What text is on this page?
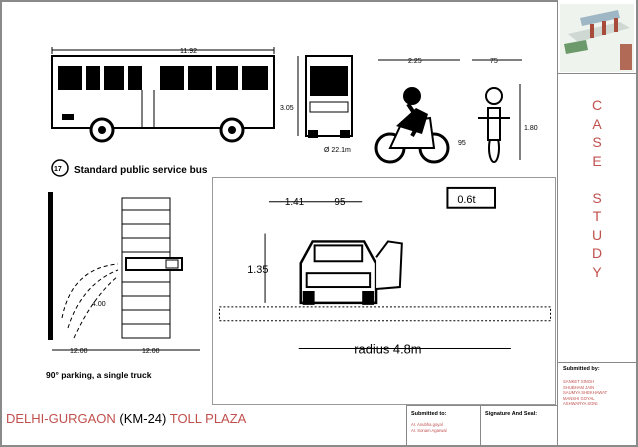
11.92
3.05
Ø 22.1m
17 Standard public service bus
2.25	75
95
1.80
4.00
12.00	12.00
90° parking, a single truck
1.41	95	0.6t
1.35
radius 4.8m
C
A
S
E

S
T
U
D
Y
Submitted by:
SANKET SINGH
SHUBHAM JAIN
SAUMYA SHEKHAWAT
MANSHI GOYAL
ASHWARYA SONI
DELHI-GURGAON (KM-24) TOLL PLAZA	Submitted to:
Ar. Anubha goyal
Ar. Sonam Agarwal
Signature And Seal:
